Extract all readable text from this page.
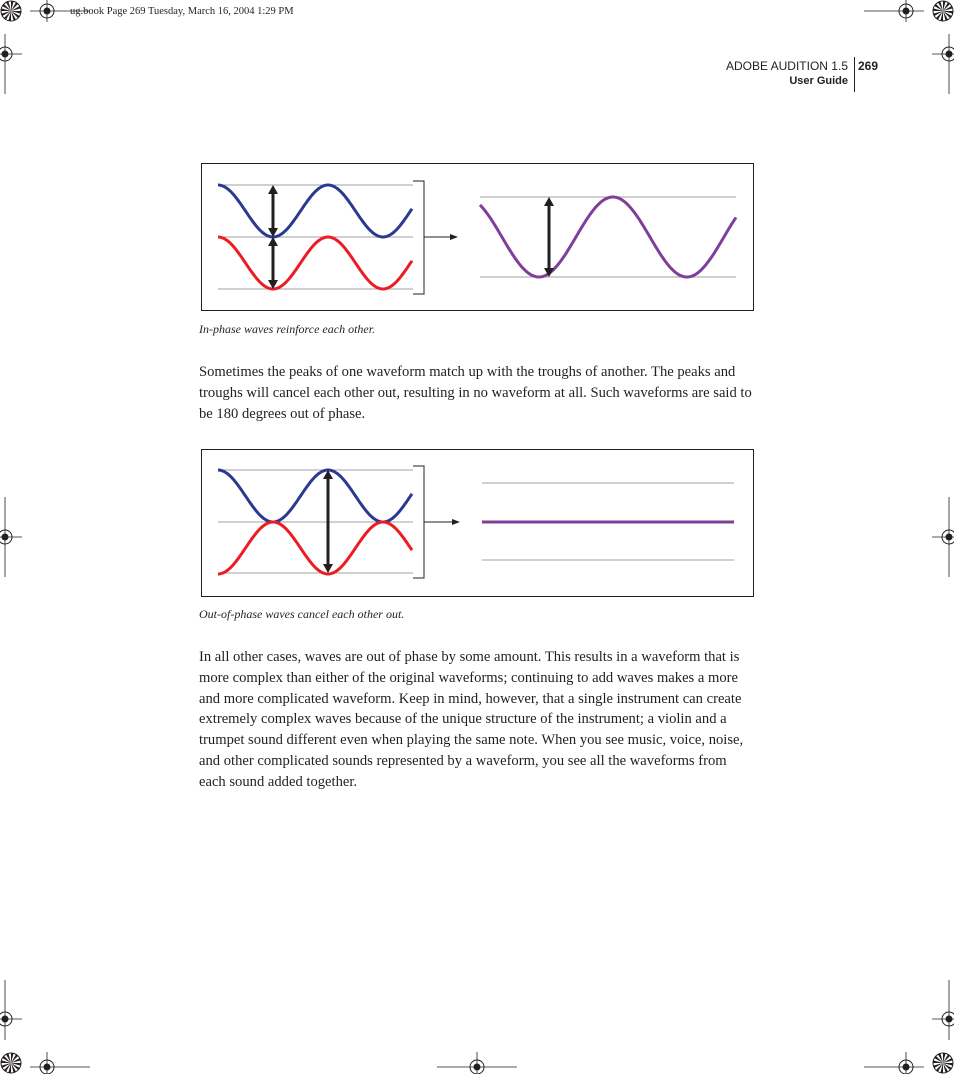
ug.book Page 269 Tuesday, March 16, 2004 1:29 PM
ADOBE AUDITION 1.5
User Guide
269
In-phase waves reinforce each other.

Sometimes the peaks of one waveform match up with the troughs of another. The peaks and troughs will cancel each other out, resulting in no waveform at all. Such waveforms are said to be 180 degrees out of phase.

Out-of-phase waves cancel each other out.

In all other cases, waves are out of phase by some amount. This results in a waveform that is more complex than either of the original waveforms; continuing to add waves makes a more and more complicated waveform. Keep in mind, however, that a single instrument can create extremely complex waves because of the unique structure of the instrument; a violin and a trumpet sound different even when playing the same note. When you see music, voice, noise, and other complicated sounds represented by a waveform, you see all the waveforms from each sound added together.
